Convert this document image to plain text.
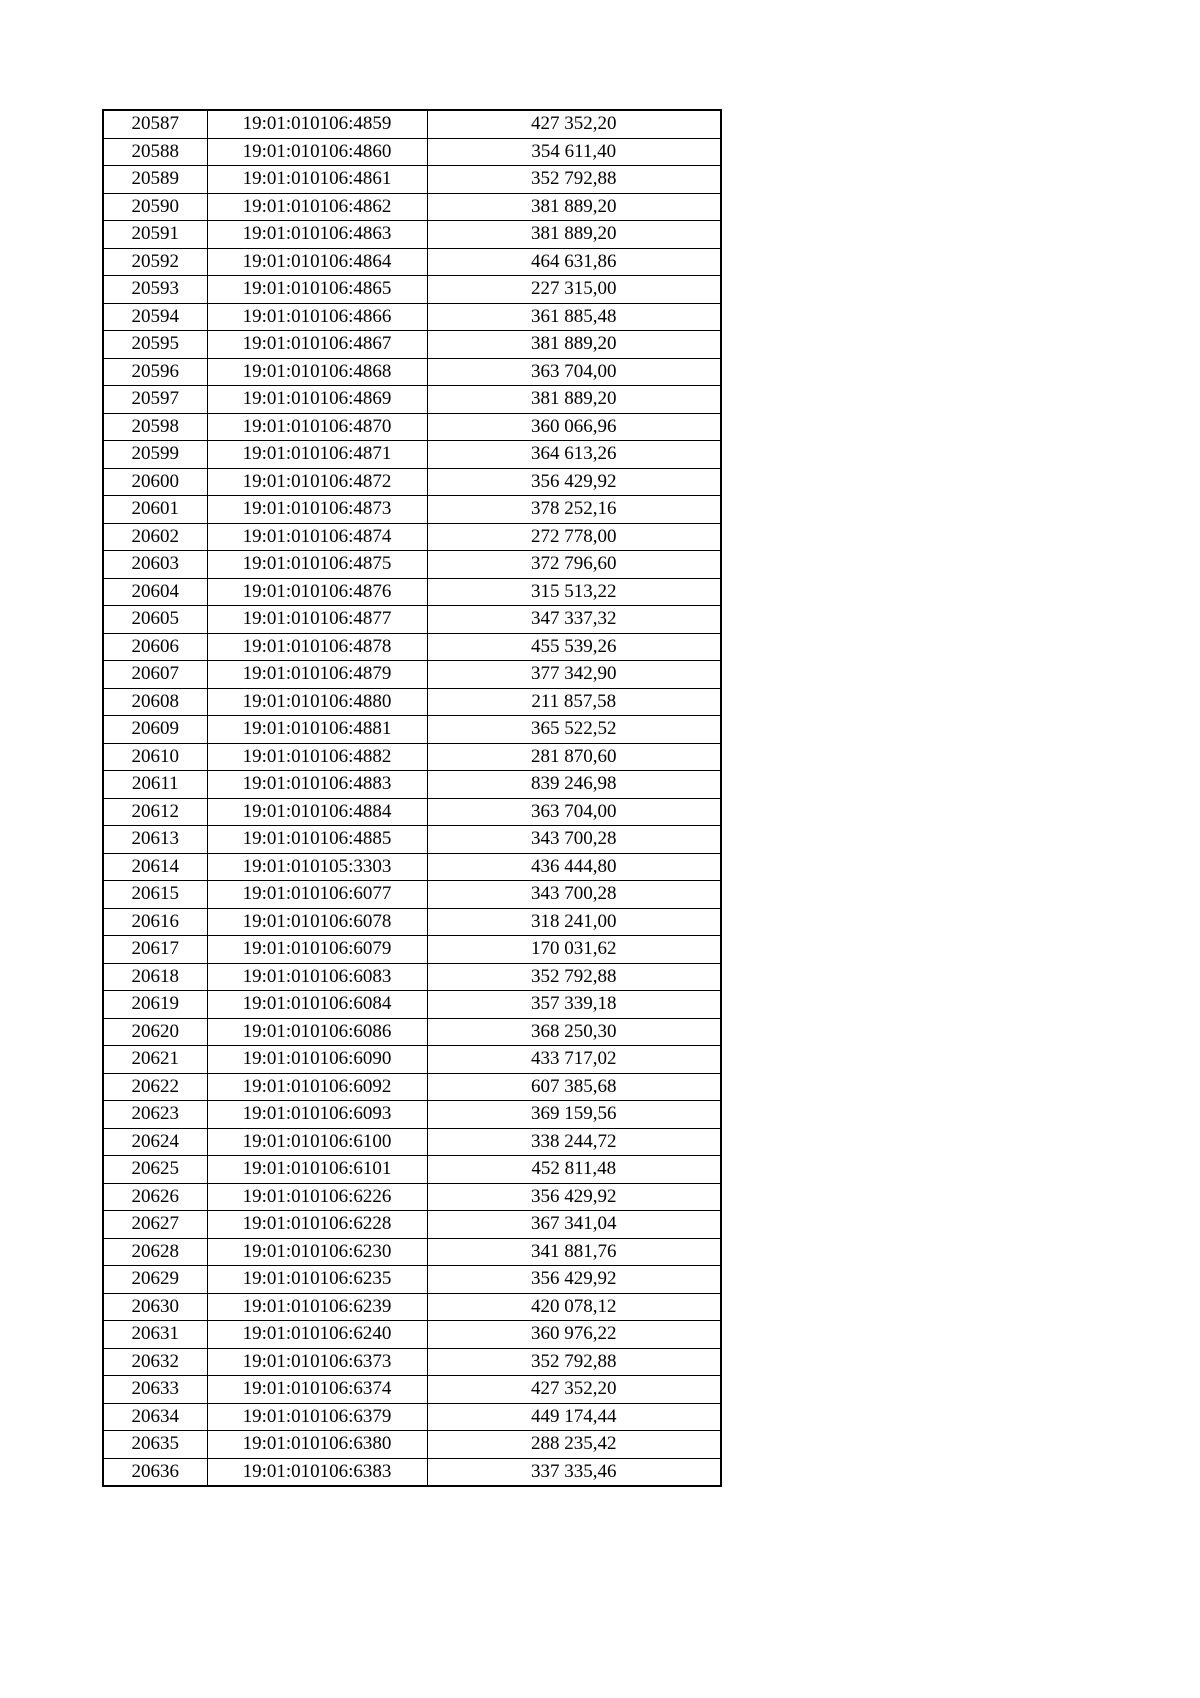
20587	19:01:010106:4859	427 352,20
20588	19:01:010106:4860	354 611,40
20589	19:01:010106:4861	352 792,88
20590	19:01:010106:4862	381 889,20
20591	19:01:010106:4863	381 889,20
20592	19:01:010106:4864	464 631,86
20593	19:01:010106:4865	227 315,00
20594	19:01:010106:4866	361 885,48
20595	19:01:010106:4867	381 889,20
20596	19:01:010106:4868	363 704,00
20597	19:01:010106:4869	381 889,20
20598	19:01:010106:4870	360 066,96
20599	19:01:010106:4871	364 613,26
20600	19:01:010106:4872	356 429,92
20601	19:01:010106:4873	378 252,16
20602	19:01:010106:4874	272 778,00
20603	19:01:010106:4875	372 796,60
20604	19:01:010106:4876	315 513,22
20605	19:01:010106:4877	347 337,32
20606	19:01:010106:4878	455 539,26
20607	19:01:010106:4879	377 342,90
20608	19:01:010106:4880	211 857,58
20609	19:01:010106:4881	365 522,52
20610	19:01:010106:4882	281 870,60
20611	19:01:010106:4883	839 246,98
20612	19:01:010106:4884	363 704,00
20613	19:01:010106:4885	343 700,28
20614	19:01:010105:3303	436 444,80
20615	19:01:010106:6077	343 700,28
20616	19:01:010106:6078	318 241,00
20617	19:01:010106:6079	170 031,62
20618	19:01:010106:6083	352 792,88
20619	19:01:010106:6084	357 339,18
20620	19:01:010106:6086	368 250,30
20621	19:01:010106:6090	433 717,02
20622	19:01:010106:6092	607 385,68
20623	19:01:010106:6093	369 159,56
20624	19:01:010106:6100	338 244,72
20625	19:01:010106:6101	452 811,48
20626	19:01:010106:6226	356 429,92
20627	19:01:010106:6228	367 341,04
20628	19:01:010106:6230	341 881,76
20629	19:01:010106:6235	356 429,92
20630	19:01:010106:6239	420 078,12
20631	19:01:010106:6240	360 976,22
20632	19:01:010106:6373	352 792,88
20633	19:01:010106:6374	427 352,20
20634	19:01:010106:6379	449 174,44
20635	19:01:010106:6380	288 235,42
20636	19:01:010106:6383	337 335,46
